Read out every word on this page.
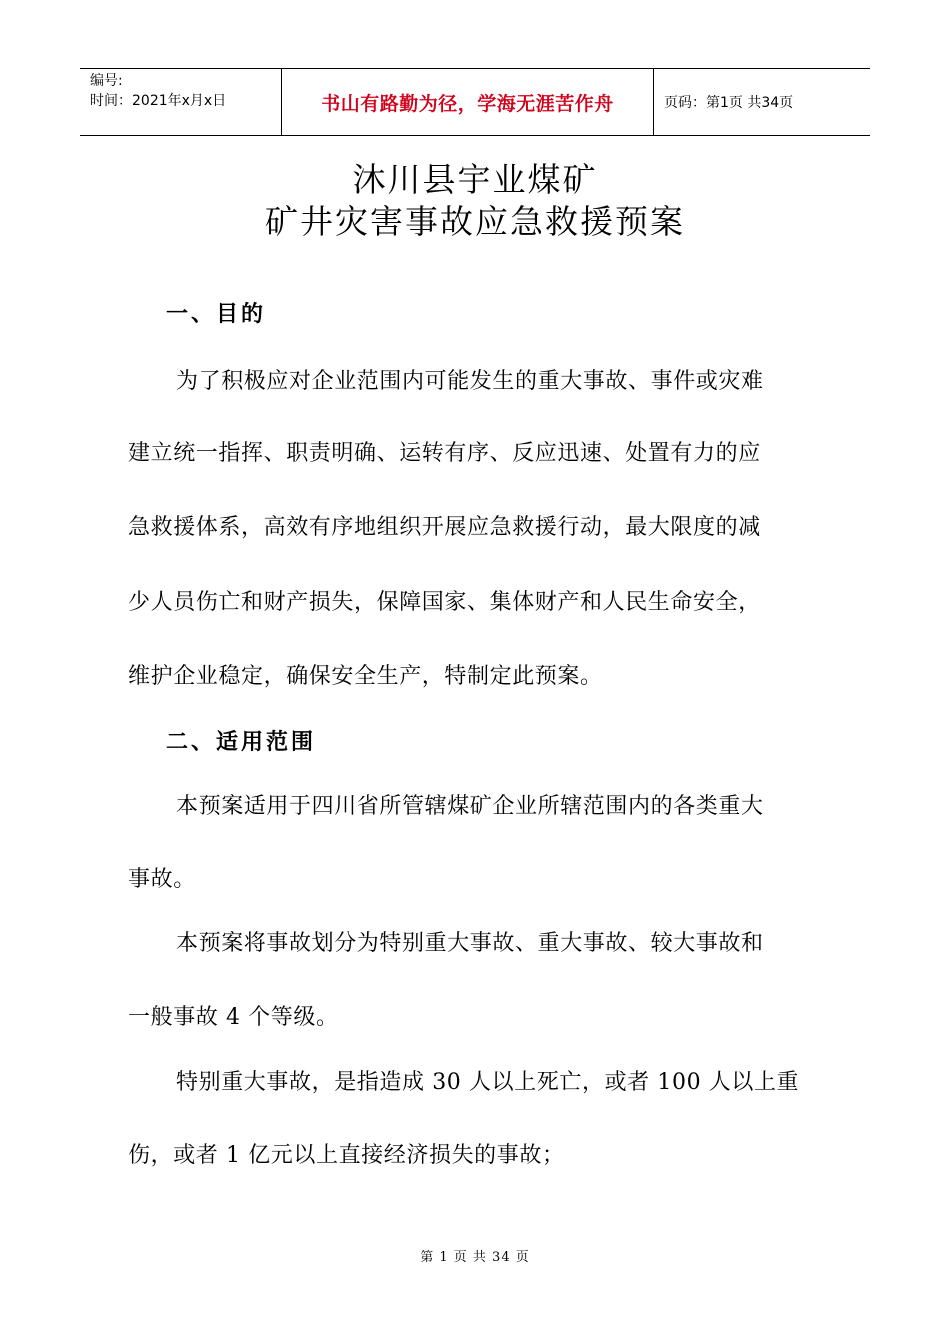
编号:
时间：2021年x月x日	书山有路勤为径，学海无涯苦作舟	页码：第1页 共34页
沐川县宇业煤矿
矿井灾害事故应急救援预案
一、目的
为了积极应对企业范围内可能发生的重大事故、事件或灾难
建立统一指挥、职责明确、运转有序、反应迅速、处置有力的应
急救援体系，高效有序地组织开展应急救援行动，最大限度的减
少人员伤亡和财产损失，保障国家、集体财产和人民生命安全，
维护企业稳定，确保安全生产，特制定此预案。
二、适用范围
本预案适用于四川省所管辖煤矿企业所辖范围内的各类重大
事故。
本预案将事故划分为特别重大事故、重大事故、较大事故和
一般事故 4 个等级。
特别重大事故，是指造成 30 人以上死亡，或者 100 人以上重
伤，或者 1 亿元以上直接经济损失的事故；
第 1 页 共 34 页
